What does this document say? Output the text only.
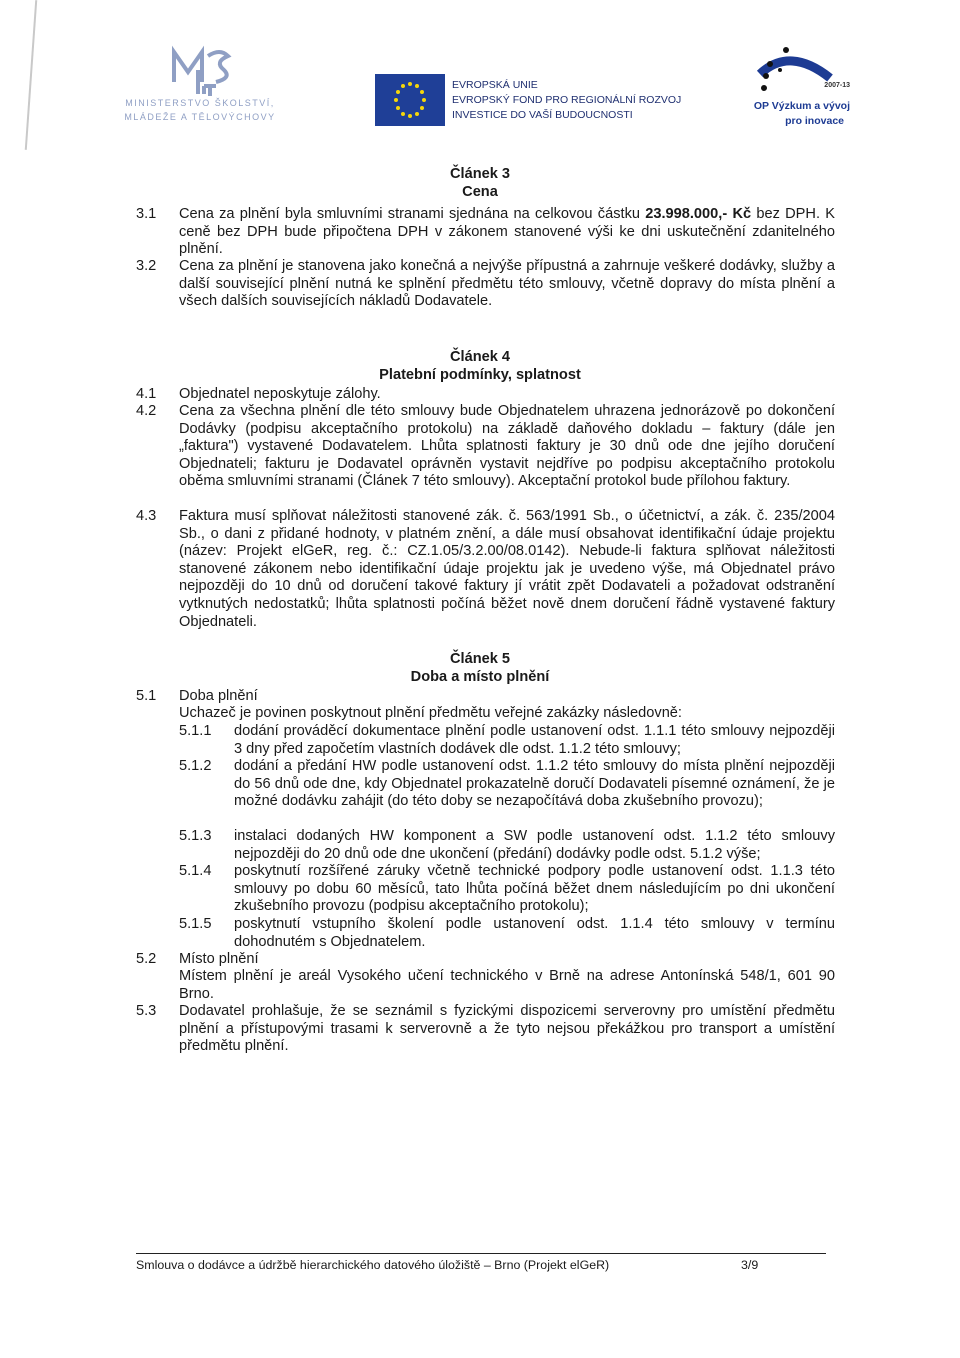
MINISTERSTVO ŠKOLSTVÍ,
MLÁDEŽE A TĚLOVÝCHOVY
EVROPSKÁ UNIE
EVROPSKÝ FOND PRO REGIONÁLNÍ ROZVOJ
INVESTICE DO VAŠÍ BUDOUCNOSTI
2007-13
OP Výzkum a vývoj
pro inovace
Článek 3
Cena
3.1 Cena za plnění byla smluvními stranami sjednána na celkovou částku 23.998.000,- Kč bez DPH. K ceně bez DPH bude připočtena DPH v zákonem stanovené výši ke dni uskutečnění zdanitelného plnění.
3.2 Cena za plnění je stanovena jako konečná a nejvýše přípustná a zahrnuje veškeré dodávky, služby a další související plnění nutná ke splnění předmětu této smlouvy, včetně dopravy do místa plnění a všech dalších souvisejících nákladů Dodavatele.
Článek 4
Platební podmínky, splatnost
4.1 Objednatel neposkytuje zálohy.
4.2 Cena za všechna plnění dle této smlouvy bude Objednatelem uhrazena jednorázově po dokončení Dodávky (podpisu akceptačního protokolu) na základě daňového dokladu – faktury (dále jen „faktura") vystavené Dodavatelem. Lhůta splatnosti faktury je 30 dnů ode dne jejího doručení Objednateli; fakturu je Dodavatel oprávněn vystavit nejdříve po podpisu akceptačního protokolu oběma smluvními stranami (Článek 7 této smlouvy). Akceptační protokol bude přílohou faktury.
4.3 Faktura musí splňovat náležitosti stanovené zák. č. 563/1991 Sb., o účetnictví, a zák. č. 235/2004 Sb., o dani z přidané hodnoty, v platném znění, a dále musí obsahovat identifikační údaje projektu (název: Projekt elGeR, reg. č.: CZ.1.05/3.2.00/08.0142). Nebude-li faktura splňovat náležitosti stanovené zákonem nebo identifikační údaje projektu jak je uvedeno výše, má Objednatel právo nejpozději do 10 dnů od doručení takové faktury jí vrátit zpět Dodavateli a požadovat odstranění vytknutých nedostatků; lhůta splatnosti počíná běžet nově dnem doručení řádně vystavené faktury Objednateli.
Článek 5
Doba a místo plnění
5.1 Doba plnění
Uchazeč je povinen poskytnout plnění předmětu veřejné zakázky následovně:
5.1.1 dodání prováděcí dokumentace plnění podle ustanovení odst. 1.1.1 této smlouvy nejpozději 3 dny před započetím vlastních dodávek dle odst. 1.1.2 této smlouvy;
5.1.2 dodání a předání HW podle ustanovení odst. 1.1.2 této smlouvy do místa plnění nejpozději do 56 dnů ode dne, kdy Objednatel prokazatelně doručí Dodavateli písemné oznámení, že je možné dodávku zahájit (do této doby se nezapočítává doba zkušebního provozu);
5.1.3 instalaci dodaných HW komponent a SW podle ustanovení odst. 1.1.2 této smlouvy nejpozději do 20 dnů ode dne ukončení (předání) dodávky podle odst. 5.1.2 výše;
5.1.4 poskytnutí rozšířené záruky včetně technické podpory podle ustanovení odst. 1.1.3 této smlouvy po dobu 60 měsíců, tato lhůta počíná běžet dnem následujícím po dni ukončení zkušebního provozu (podpisu akceptačního protokolu);
5.1.5 poskytnutí vstupního školení podle ustanovení odst. 1.1.4 této smlouvy v termínu dohodnutém s Objednatelem.
5.2 Místo plnění
Místem plnění je areál Vysokého učení technického v Brně na adrese Antonínská 548/1, 601 90 Brno.
5.3 Dodavatel prohlašuje, že se seznámil s fyzickými dispozicemi serverovny pro umístění předmětu plnění a přístupovými trasami k serverovně a že tyto nejsou překážkou pro transport a umístění předmětu plnění.
Smlouva o dodávce a údržbě hierarchického datového úložiště – Brno (Projekt elGeR)	3/9
